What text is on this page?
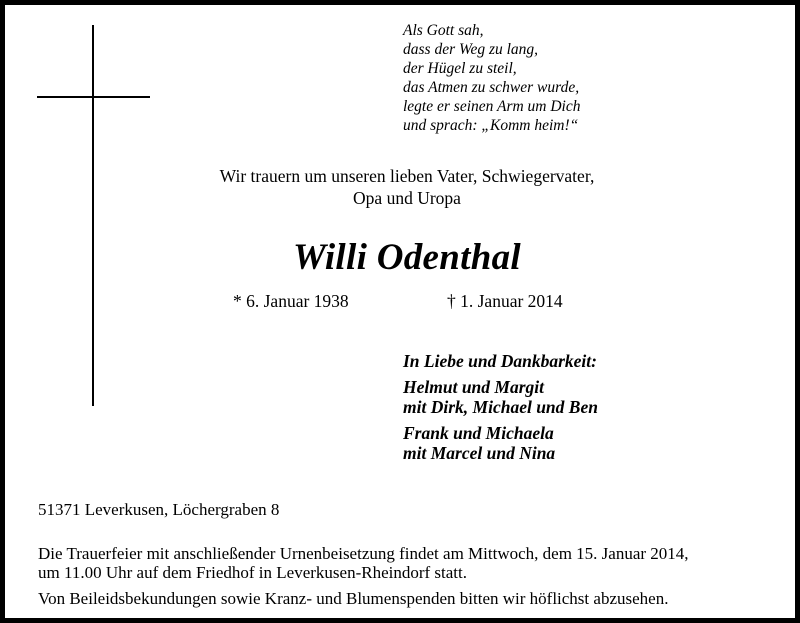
Als Gott sah,
dass der Weg zu lang,
der Hügel zu steil,
das Atmen zu schwer wurde,
legte er seinen Arm um Dich
und sprach: „Komm heim!“
Wir trauern um unseren lieben Vater, Schwiegervater,
Opa und Uropa
Willi Odenthal
* 6. Januar 1938	† 1. Januar 2014
In Liebe und Dankbarkeit:
Helmut und Margit
mit Dirk, Michael und Ben
Frank und Michaela
mit Marcel und Nina
51371 Leverkusen, Löchergraben 8
Die Trauerfeier mit anschließender Urnenbeisetzung findet am Mittwoch, dem 15. Januar 2014,
um 11.00 Uhr auf dem Friedhof in Leverkusen-Rheindorf statt.
Von Beileidsbekundungen sowie Kranz- und Blumenspenden bitten wir höflichst abzusehen.
